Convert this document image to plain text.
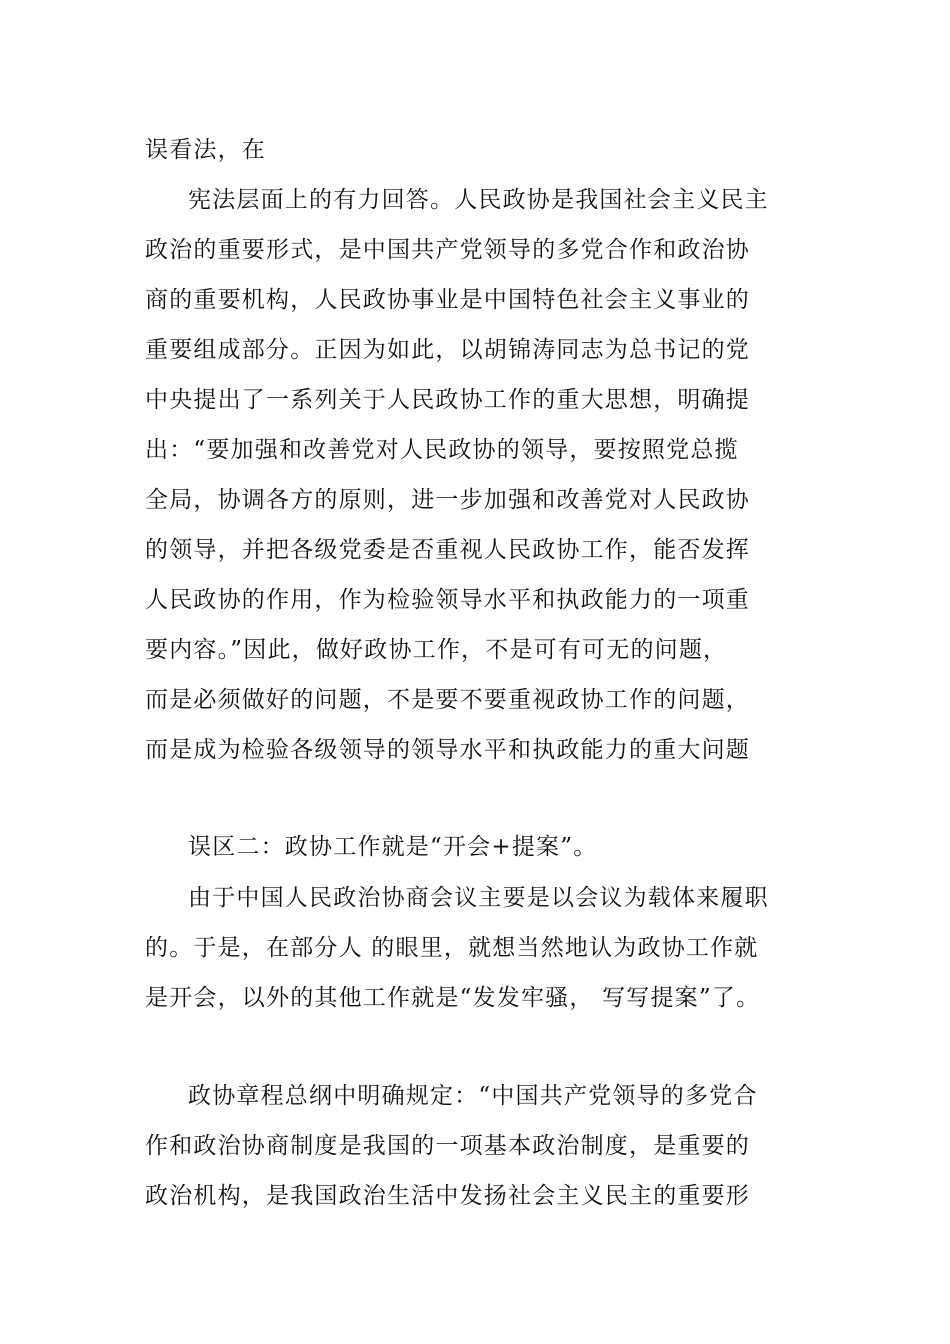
误看法，在
宪法层面上的有力回答。人民政协是我国社会主义民主
政治的重要形式，是中国共产党领导的多党合作和政治协
商的重要机构，人民政协事业是中国特色社会主义事业的
重要组成部分。正因为如此，以胡锦涛同志为总书记的党
中央提出了一系列关于人民政协工作的重大思想，明确提
出：“要加强和改善党对人民政协的领导，要按照党总揽
全局，协调各方的原则，进一步加强和改善党对人民政协
的领导，并把各级党委是否重视人民政协工作，能否发挥
人民政协的作用，作为检验领导水平和执政能力的一项重
要内容。”因此，做好政协工作，不是可有可无的问题，
而是必须做好的问题，不是要不要重视政协工作的问题，
而是成为检验各级领导的领导水平和执政能力的重大问题
误区二：政协工作就是“开会+提案”。
由于中国人民政治协商会议主要是以会议为载体来履职
的。于是，在部分人 的眼里，就想当然地认为政协工作就
是开会，以外的其他工作就是“发发牢骚， 写写提案”了。
政协章程总纲中明确规定：“中国共产党领导的多党合
作和政治协商制度是我国的一项基本政治制度，是重要的
政治机构，是我国政治生活中发扬社会主义民主的重要形
